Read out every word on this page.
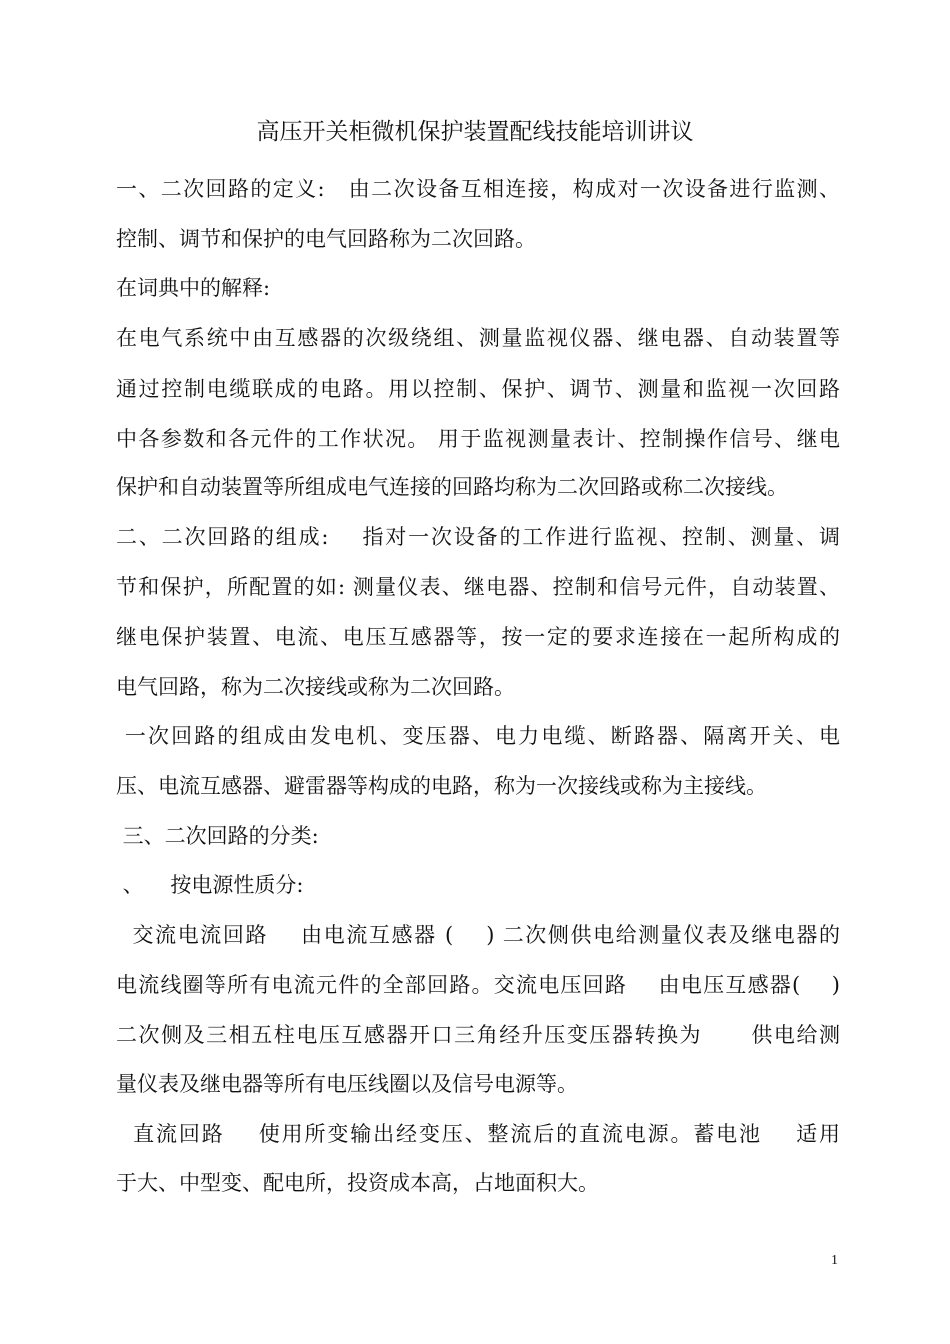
高压开关柜微机保护装置配线技能培训讲议
一、二次回路的定义:   由二次设备互相连接，构成对一次设备进行监测、
控制、调节和保护的电气回路称为二次回路。
在词典中的解释:
在电气系统中由互感器的次级绕组、测量监视仪器、继电器、自动装置等
通过控制电缆联成的电路。用以控制、保护、调节、测量和监视一次回路
中各参数和各元件的工作状况。 用于监视测量表计、控制操作信号、继电
保护和自动装置等所组成电气连接的回路均称为二次回路或称二次接线。
二、二次回路的组成:    指对一次设备的工作进行监视、控制、测量、调
节和保护，所配置的如: 测量仪表、继电器、控制和信号元件，自动装置、
继电保护装置、电流、电压互感器等，按一定的要求连接在一起所构成的
电气回路，称为二次接线或称为二次回路。
一次回路的组成由发电机、变压器、电力电缆、断路器、隔离开关、电
压、电流互感器、避雷器等构成的电路，称为一次接线或称为主接线。
三、二次回路的分类:
、    按电源性质分:
交流电流回路    由电流互感器 (    ) 二次侧供电给测量仪表及继电器的
电流线圈等所有电流元件的全部回路。交流电压回路    由电压互感器(    )
二次侧及三相五柱电压互感器开口三角经升压变压器转换为      供电给测
量仪表及继电器等所有电压线圈以及信号电源等。
直流回路    使用所变输出经变压、整流后的直流电源。蓄电池    适用
于大、中型变、配电所，投资成本高，占地面积大。
1
